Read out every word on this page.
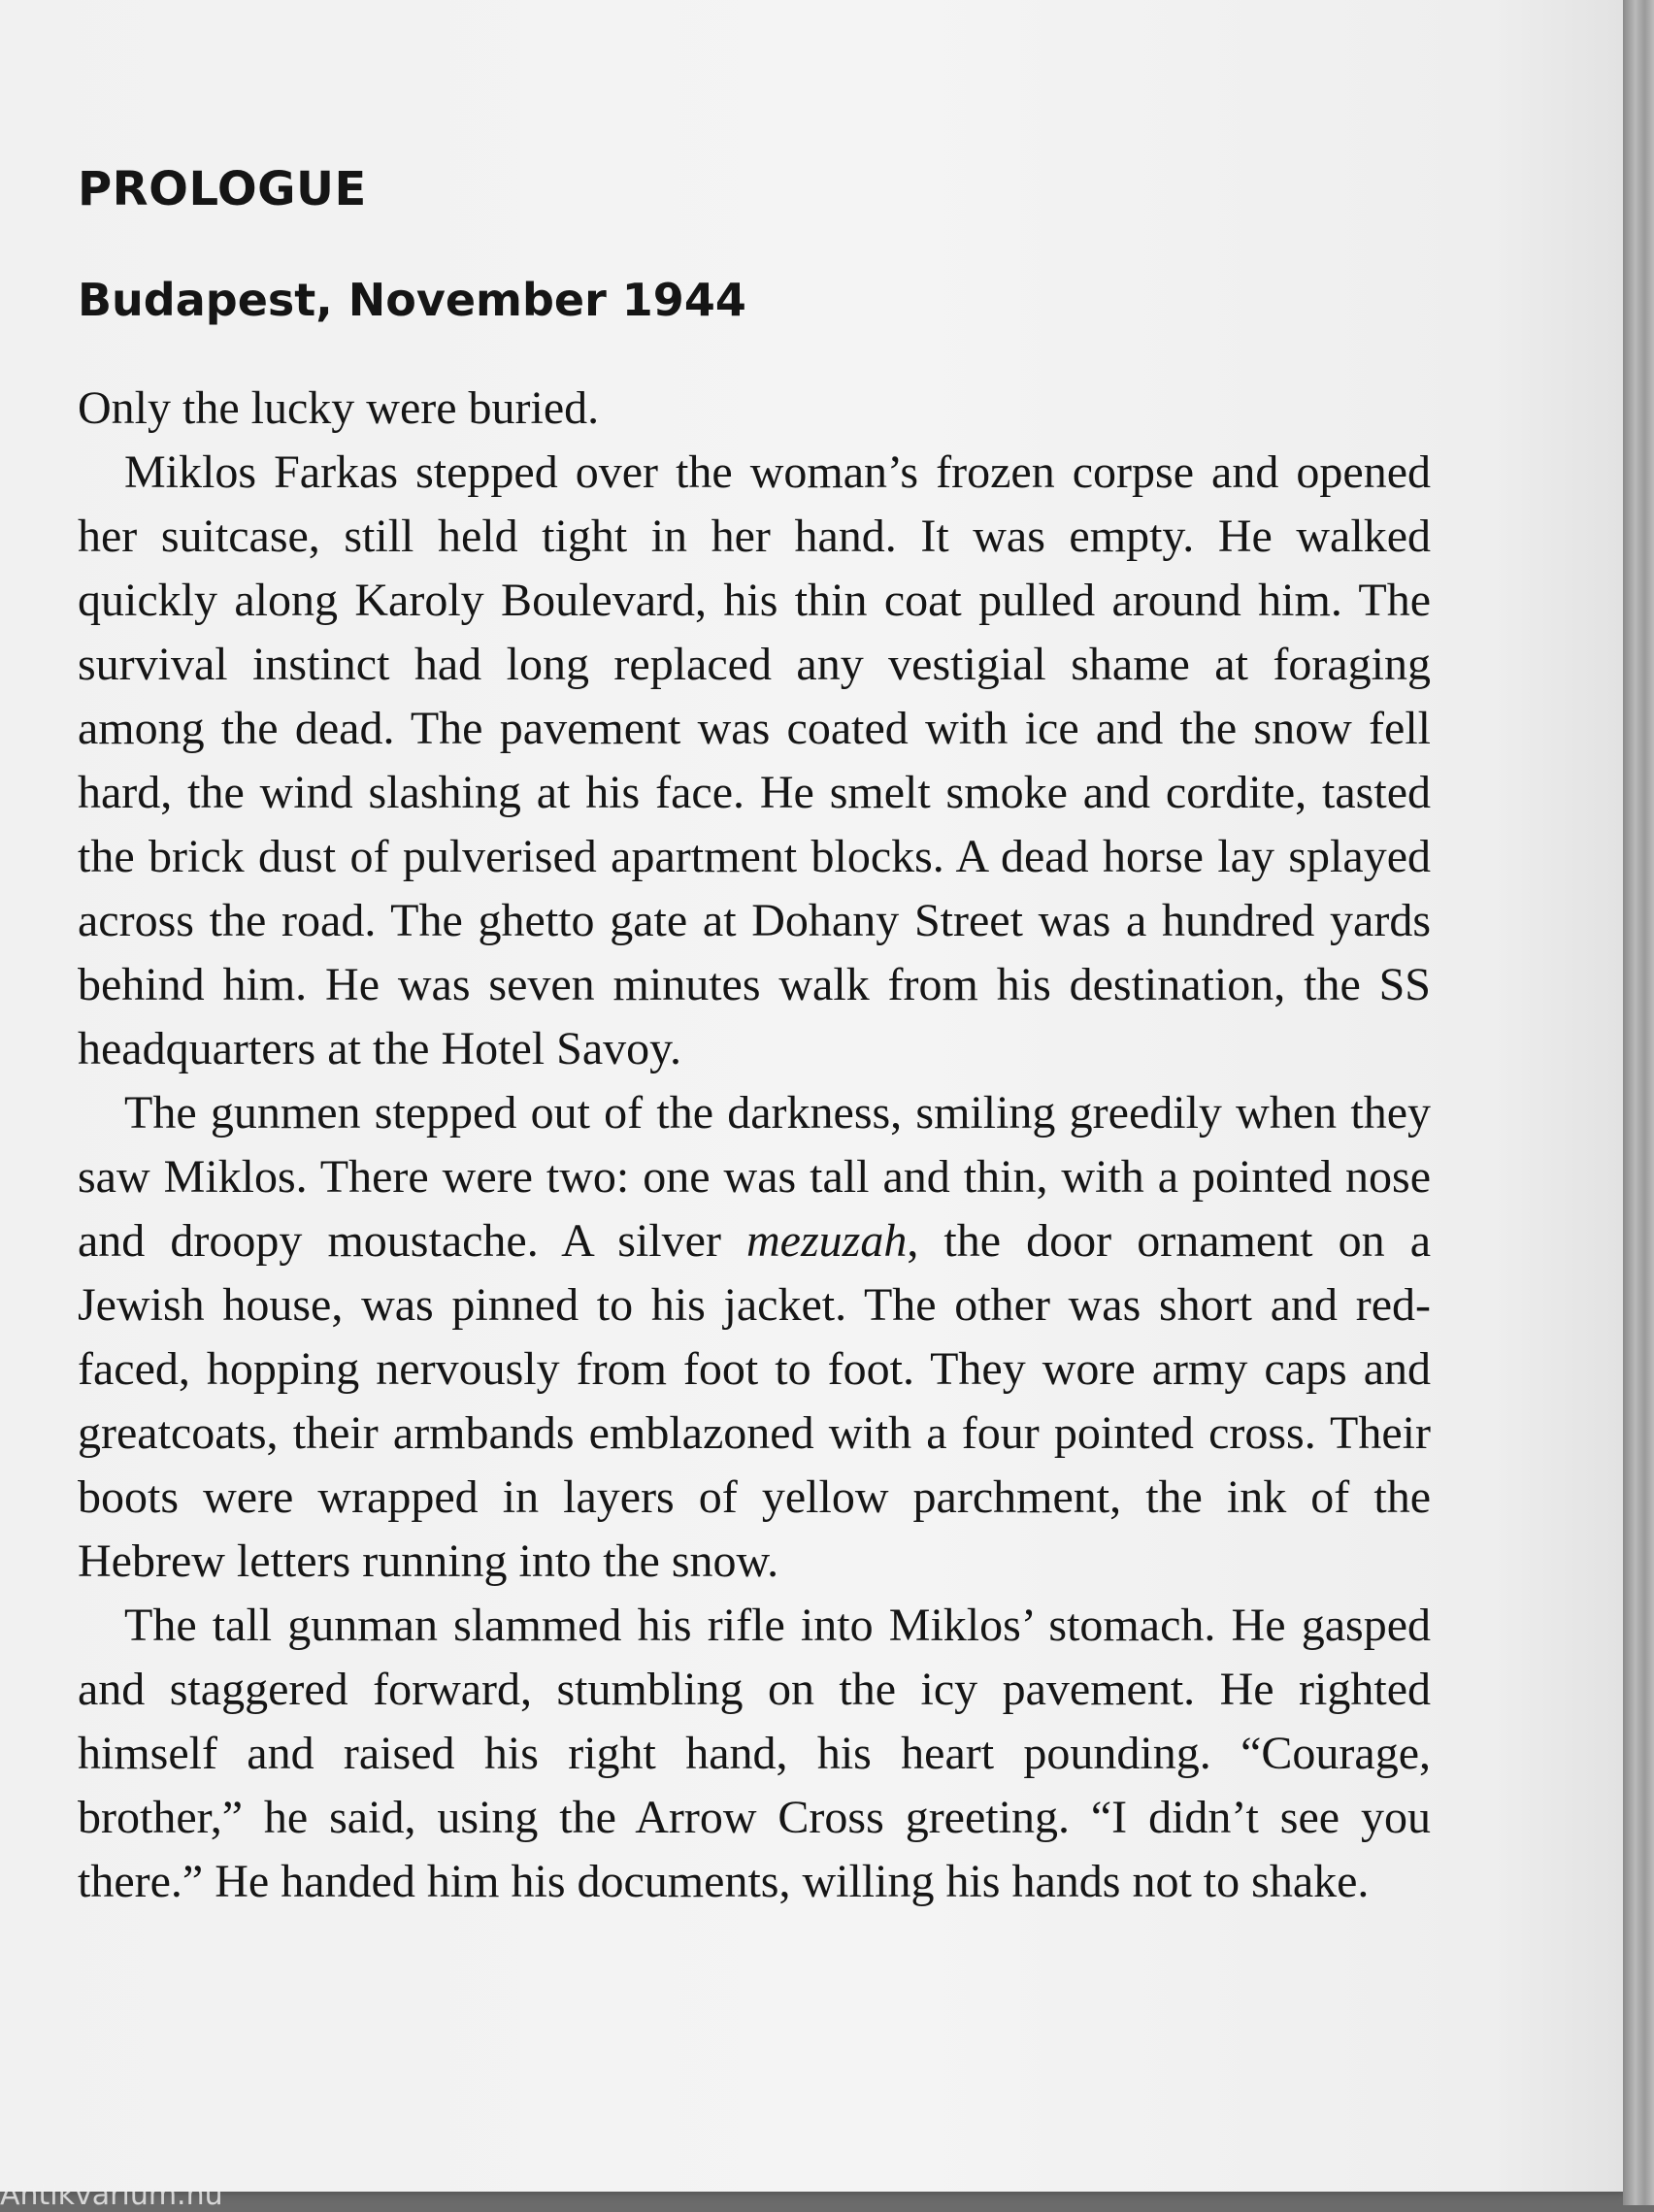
PROLOGUE
Budapest, November 1944

Only the lucky were buried.

Miklos Farkas stepped over the woman’s frozen corpse and opened her suitcase, still held tight in her hand. It was empty. He walked quickly along Karoly Boulevard, his thin coat pulled around him. The survival instinct had long replaced any vestigial shame at foraging among the dead. The pavement was coated with ice and the snow fell hard, the wind slashing at his face. He smelt smoke and cordite, tasted the brick dust of pulverised apartment blocks. A dead horse lay splayed across the road. The ghetto gate at Dohany Street was a hundred yards behind him. He was seven minutes walk from his destination, the SS headquarters at the Hotel Savoy.

The gunmen stepped out of the darkness, smiling greedily when they saw Miklos. There were two: one was tall and thin, with a pointed nose and droopy moustache. A silver mezuzah, the door ornament on a Jewish house, was pinned to his jacket. The other was short and red-faced, hopping nervously from foot to foot. They wore army caps and greatcoats, their armbands emblazoned with a four pointed cross. Their boots were wrapped in layers of yellow parchment, the ink of the Hebrew letters running into the snow.

The tall gunman slammed his rifle into Miklos’ stomach. He gasped and staggered forward, stumbling on the icy pavement. He righted himself and raised his right hand, his heart pounding. “Courage, brother,” he said, using the Arrow Cross greeting. “I didn’t see you there.” He handed him his documents, willing his hands not to shake.

Antikvarium.hu
